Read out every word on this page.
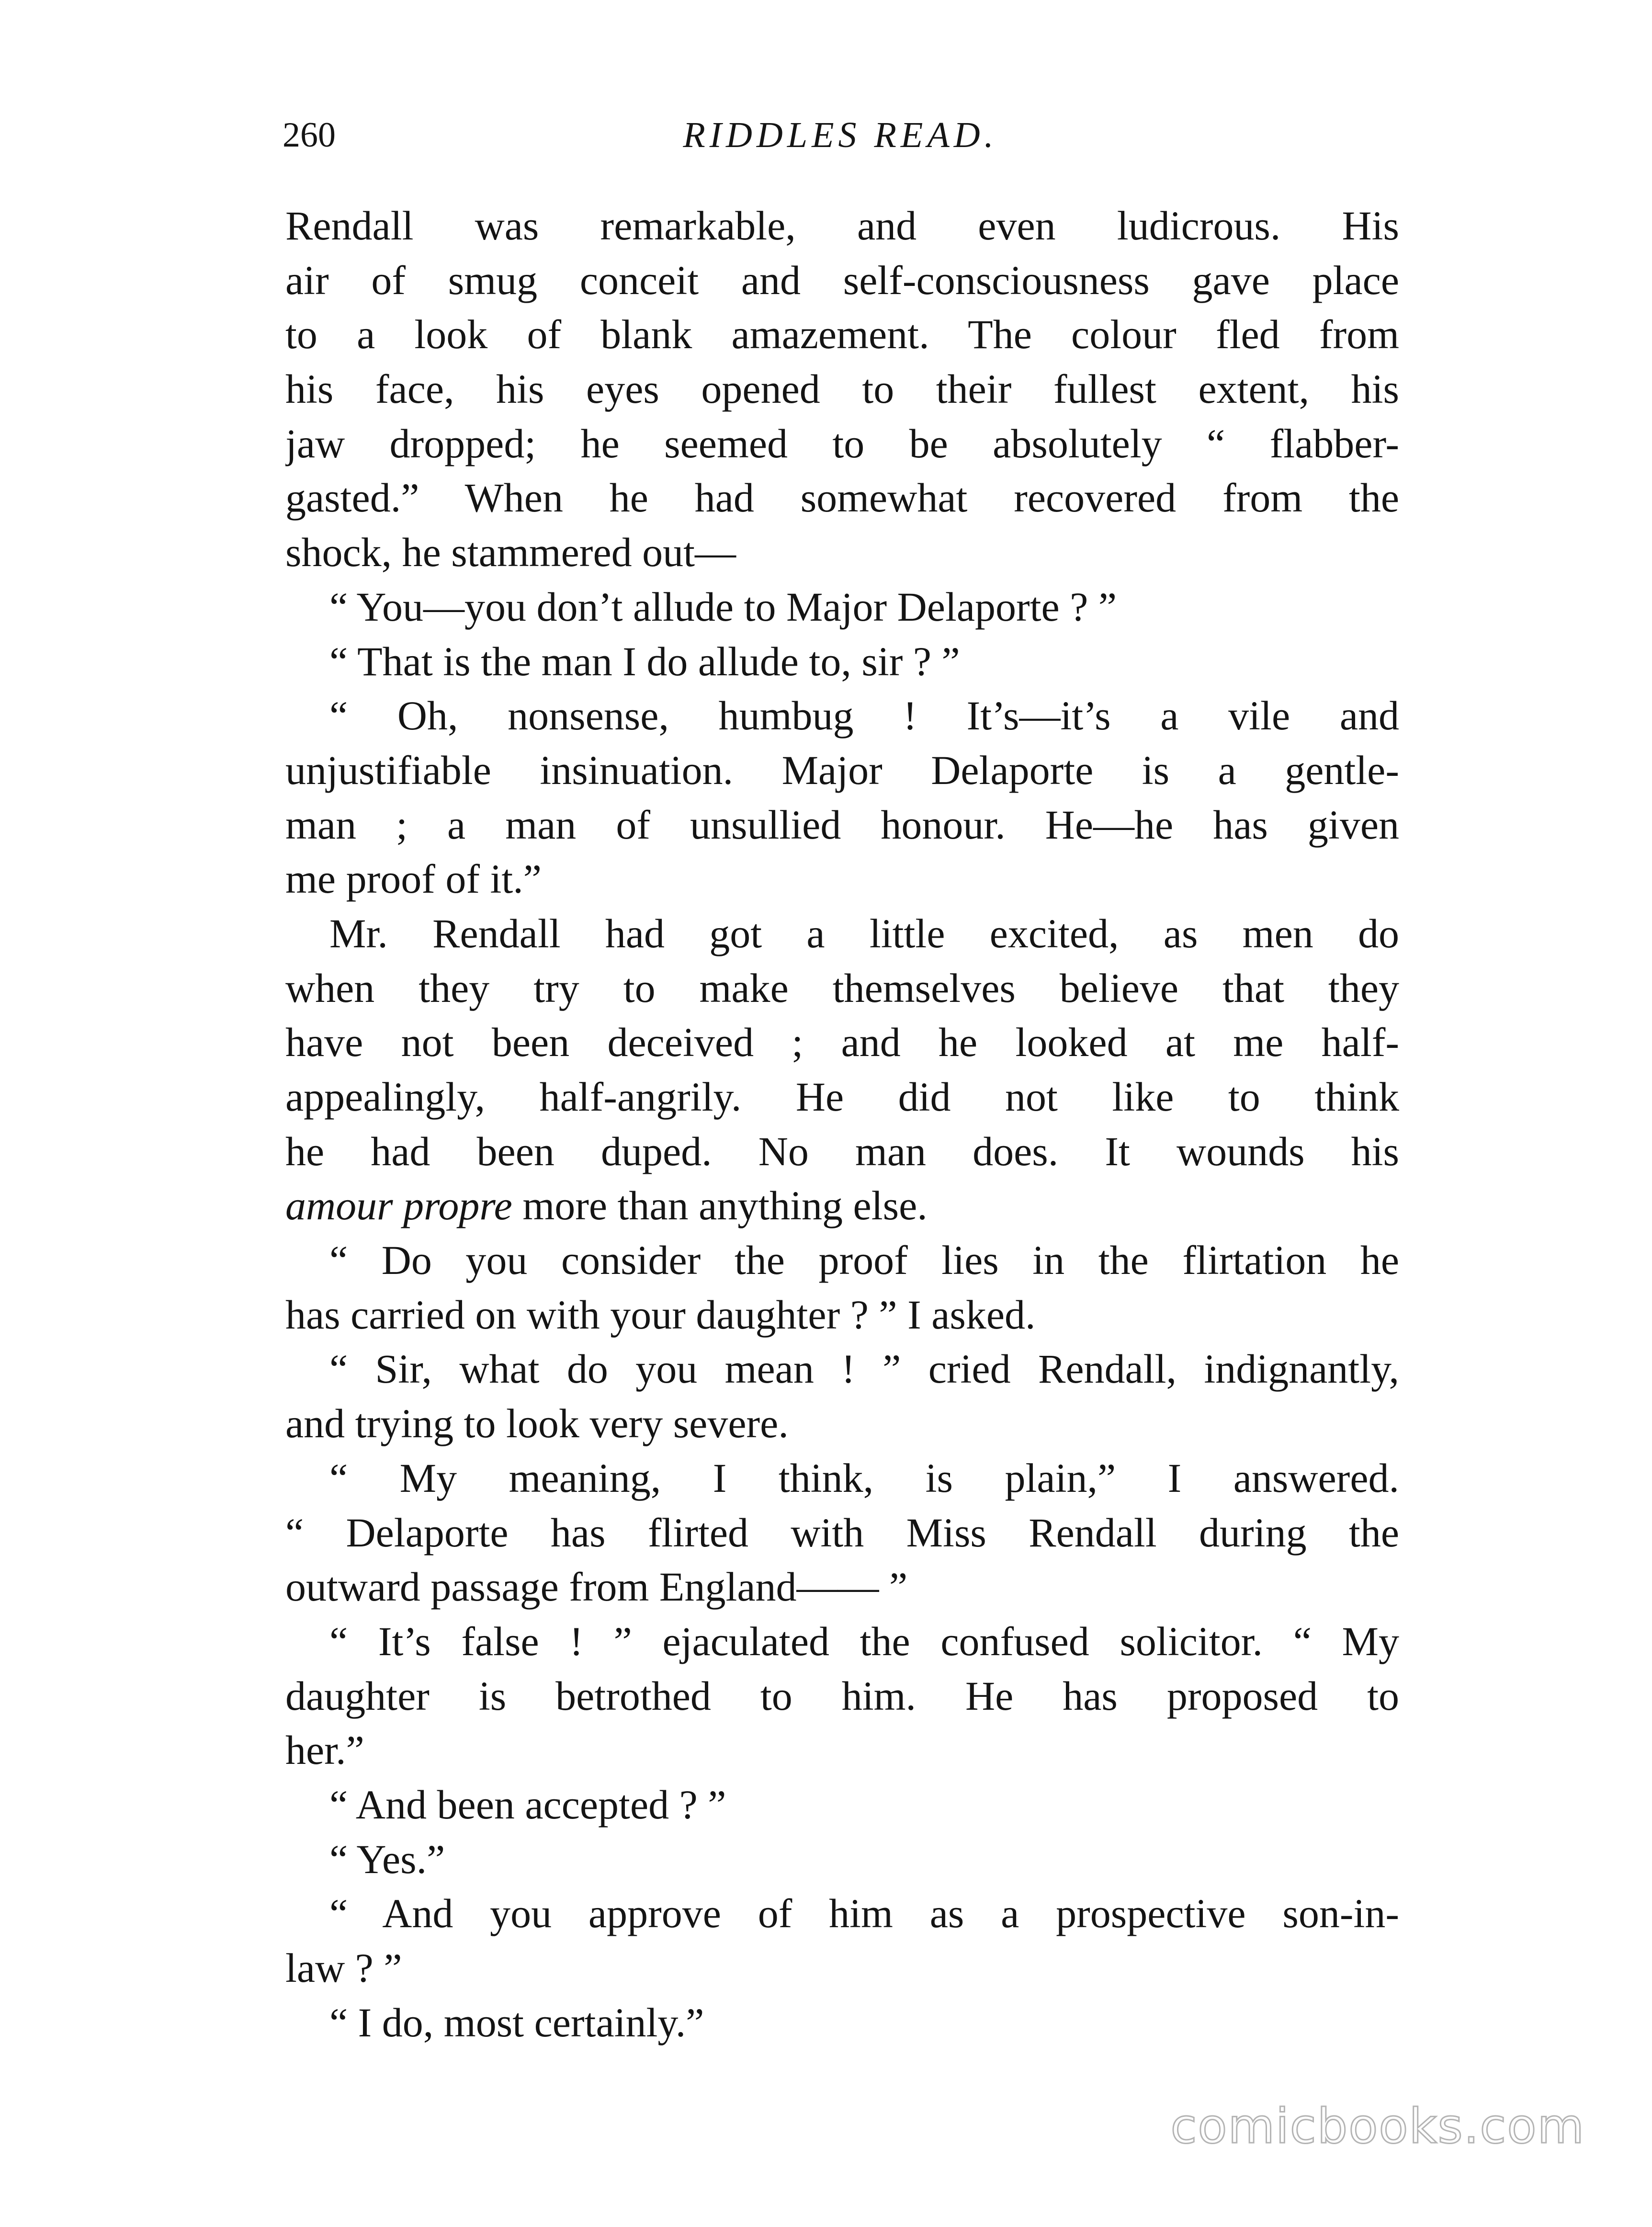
260	RIDDLES READ.
Rendall was remarkable, and even ludicrous. His
air of smug conceit and self-consciousness gave place
to a look of blank amazement. The colour fled from
his face, his eyes opened to their fullest extent, his
jaw dropped; he seemed to be absolutely “ flabber-
gasted.” When he had somewhat recovered from the
shock, he stammered out—
“ You—you don’t allude to Major Delaporte ? ”
“ That is the man I do allude to, sir ? ”
“ Oh, nonsense, humbug ! It’s—it’s a vile and
unjustifiable insinuation. Major Delaporte is a gentle-
man ; a man of unsullied honour. He—he has given
me proof of it.”
Mr. Rendall had got a little excited, as men do
when they try to make themselves believe that they
have not been deceived ; and he looked at me half-
appealingly, half-angrily. He did not like to think
he had been duped. No man does. It wounds his
amour propre more than anything else.
“ Do you consider the proof lies in the flirtation he
has carried on with your daughter ? ” I asked.
“ Sir, what do you mean ! ” cried Rendall, indignantly,
and trying to look very severe.
“ My meaning, I think, is plain,” I answered.
“ Delaporte has flirted with Miss Rendall during the
outward passage from England—— ”
“ It’s false ! ” ejaculated the confused solicitor. “ My
daughter is betrothed to him. He has proposed to
her.”
“ And been accepted ? ”
“ Yes.”
“ And you approve of him as a prospective son-in-
law ? ”
“ I do, most certainly.”
comicbooks.com
